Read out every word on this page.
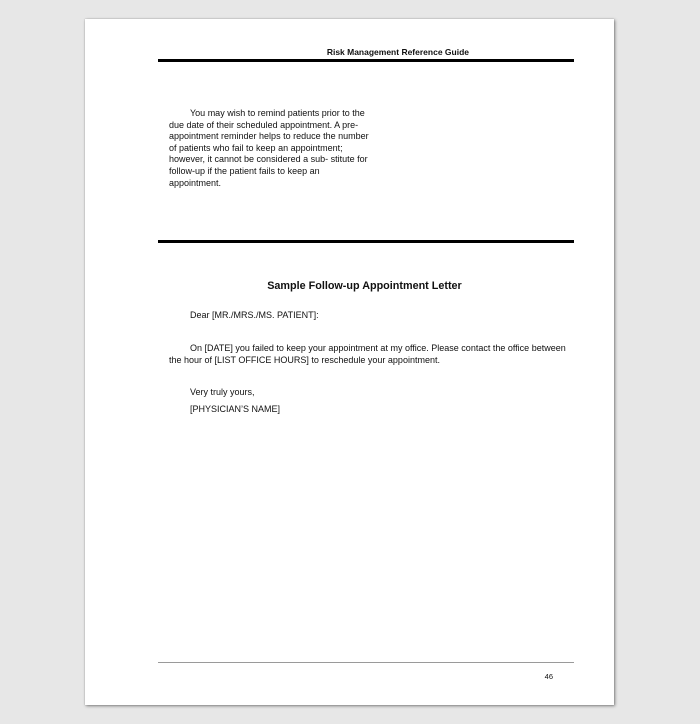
Risk Management Reference Guide

You may wish to remind patients prior to the due date of their scheduled appointment. A pre-appointment reminder helps to reduce the number of patients who fail to keep an appointment; however, it cannot be considered a sub- stitute for follow-up if the patient fails to keep an appointment.

Sample Follow-up Appointment Letter

Dear [MR./MRS./MS. PATIENT]:

On [DATE] you failed to keep your appointment at my office. Please contact the office between the hour of [LIST OFFICE HOURS] to reschedule your appointment.

Very truly yours,

[PHYSICIAN’S NAME]

46
